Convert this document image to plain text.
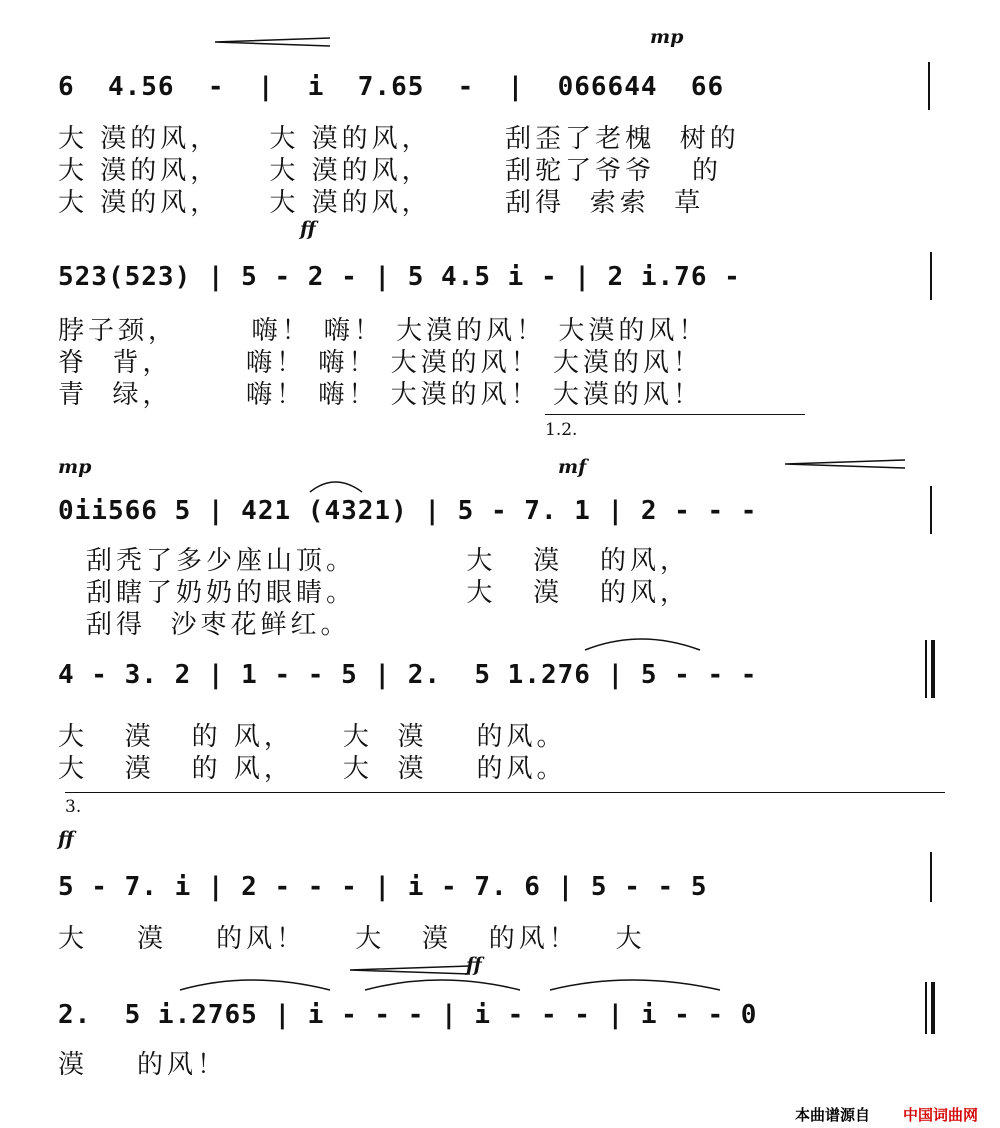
mp
6  4.56  -  |  i  7.65  -  |  066644  66
大 漠的风，    大 漠的风，      刮歪了老槐  树的
大 漠的风，    大 漠的风，      刮驼了爷爷   的
大 漠的风，    大 漠的风，      刮得  索索  草
ff
523(523) | 5 - 2 - | 5 4.5 i - | 2 i.76 -
脖子颈，      嗨！ 嗨！ 大漠的风！ 大漠的风！
脊  背，      嗨！ 嗨！ 大漠的风！ 大漠的风！
青  绿，      嗨！ 嗨！ 大漠的风！ 大漠的风！
1.2.
mp	mf
0ii566 5 | 421 (4321) | 5 - 7. 1 | 2 - - -
刮秃了多少座山顶。         大   漠   的风，
刮瞎了奶奶的眼睛。         大   漠   的风，
刮得  沙枣花鲜红。
4 - 3. 2 | 1 - - 5 | 2.  5 1.276 | 5 - - -
大   漠   的 风，    大  漠    的风。
大   漠   的 风，    大  漠    的风。
3.
ff
5 - 7. i | 2 - - - | i - 7. 6 | 5 - - 5
大    漠    的风！    大   漠   的风！   大
ff
2.  5 i.2765 | i - - - | i - - - | i - - 0
漠    的风！
本曲谱源自 中国词曲网
